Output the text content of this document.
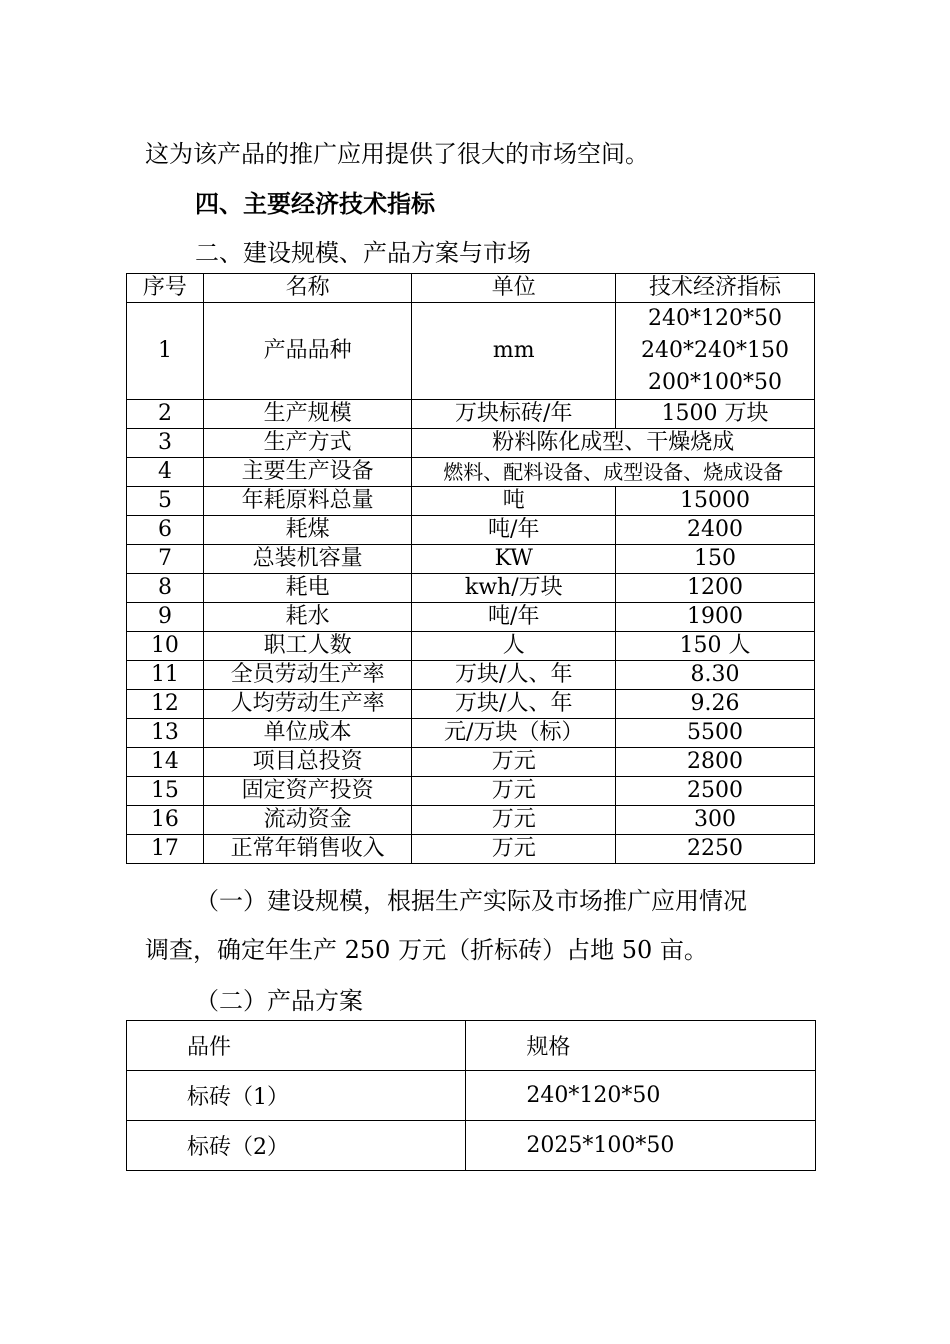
这为该产品的推广应用提供了很大的市场空间。
四、主要经济技术指标
二、建设规模、产品方案与市场
序号	名称	单位	技术经济指标
1	产品品种	mm	240*120*50
240*240*150
200*100*50

2	生产规模	万块标砖/年	1500 万块
3	生产方式	粉料陈化成型、干燥烧成	
4	主要生产设备	燃料、配料设备、成型设备、烧成设备	
5	年耗原料总量	吨	15000
6	耗煤	吨/年	2400
7	总装机容量	KW	150
8	耗电	kwh/万块	1200
9	耗水	吨/年	1900
10	职工人数	人	150 人
11	全员劳动生产率	万块/人、年	8.30
12	人均劳动生产率	万块/人、年	9.26
13	单位成本	元/万块（标）	5500
14	项目总投资	万元	2800
15	固定资产投资	万元	2500
16	流动资金	万元	300
17	正常年销售收入	万元	2250
（一）建设规模，根据生产实际及市场推广应用情况
调查，确定年生产 250 万元（折标砖）占地 50 亩。
（二）产品方案
品件	规格
标砖（1）	240*120*50
标砖（2）	2025*100*50
